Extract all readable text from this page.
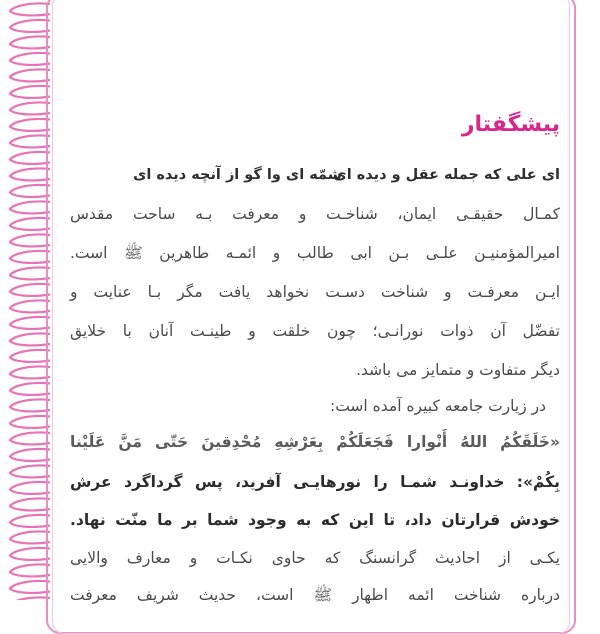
پیشگفتار
ای علی که جمله عقل و دیده ای
شمّه ای وا گو از آنچه دیده ای
کمـال حقیقـی ایمان، شناخـت و معرفت بـه ساحت مقدس
امیرالمؤمنیـن علـی بـن ابی طالب و ائمـه طاهرین ﷺ است.
ایـن معرفـت و شناخت دسـت نخواهد یافت مگر بـا عنایت و
تفضّل آن ذوات نورانـی؛ چون خلقت و طینـت آنان با خلایق
دیگر متفاوت و متمایز می باشد.
در زیارت جامعه کبیره آمده است:
«خَلَقَکُمُ اللهُ أَنْوارا فَجَعَلَکُمْ بِعَرْشِهِ مُحْدِقینَ حَتّی مَنَّ عَلَیْنا
بِکُمْ»: خداونـد شمـا را نورهایـی آفرید، پس گرداگرد عرش
خودش قرارتان داد، تا این که به وجود شما بر ما منّت نهاد.
یکـی از احادیث گرانسنگ که حاوی نکـات و معارف والایی
درباره شناخت ائمه اطهار ﷺ است، حدیث شریف معرفت
